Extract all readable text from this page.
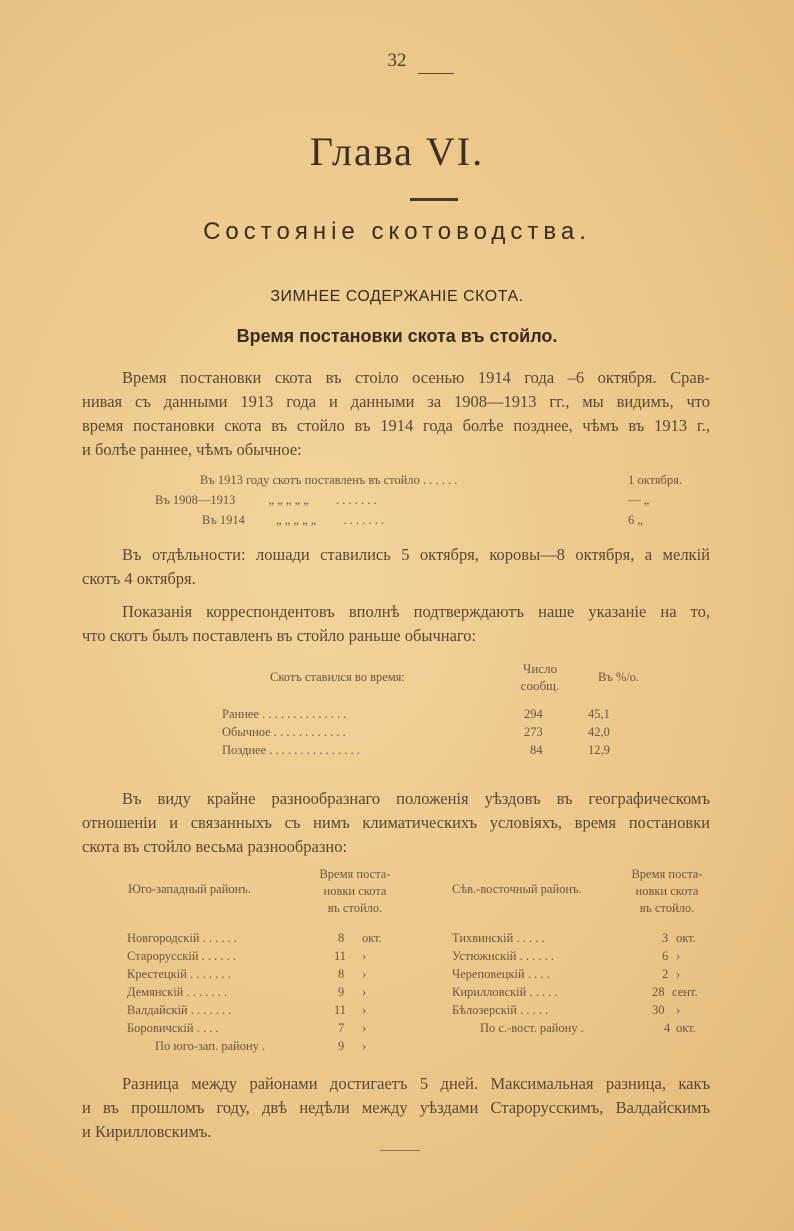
32
Глава VI.
Состоянiе скотоводства.
ЗИМНЕЕ СОДЕРЖАНIЕ СКОТА.
Время постановки скота въ стойло.
Время постановки скота въ стоiло осенью 1914 года –6 октября. Срав-
нивая съ данными 1913 года и данными за 1908—1913 гг., мы видимъ, что
время постановки скота въ стойло въ 1914 года болѣе позднее, чѣмъ въ 1913 г.,
и болѣе раннее, чѣмъ обычное:
Въ 1913 году скотъ поставленъ въ стойло . . . . . .	1 октября.
Въ 1908—1913	„ „ „ „ „ . . . . . . .	— „
Въ 1914 „ „ „ „ „ . . . . . . .	6 „
Въ отдѣльности: лошади ставились 5 октября, коровы—8 октября, а мелкiй
скотъ 4 октября.
Показанiя корреспондентовъ вполнѣ подтверждаютъ наше указанiе на то,
что скотъ былъ поставленъ въ стойло раньше обычнаго:
Скотъ ставился во время:
Число
сообщ.
Въ %/о.
Раннее . . . . . . . . . . . . . .	294	45,1
Обычное . . . . . . . . . . . .	273	42,0
Позднее . . . . . . . . . . . . . . .	84	12,9
Въ виду крайне разнообразнаго положенiя уѣздовъ въ географическомъ
отношенiи и связанныхъ съ нимъ климатическихъ условiяхъ, время постановки
скота въ стойло весьма разнообразно:
Юго-западный районъ.
Время поста-
новки скота
въ стойло.
Сѣв.-восточный районъ.
Время поста-
новки скота
въ стойло.
Новгородскiй . . . . . .	8 окт.
Старорусскiй . . . . . .	11 ›
Крестецкiй . . . . . . .	8 ›
Демянскiй . . . . . . .	9 ›
Валдайскiй . . . . . . .	11 ›
Боровичскiй . . . .	7 ›
По юго-зап. району .	9 ›
Тихвинскiй . . . . .	3 окт.
Устюжнскiй . . . . . .	6 ›
Череповецкiй . . . .	2 ›
Кирилловскiй . . . . .	28 сент.
Бѣлозерскiй . . . . .	30 ›
По с.-вост. району .	4 окт.
Разница между районами достигаетъ 5 дней. Максимальная разница, какъ
и въ прошломъ году, двѣ недѣли между уѣздами Старорусскимъ, Валдайскимъ
и Кирилловскимъ.
